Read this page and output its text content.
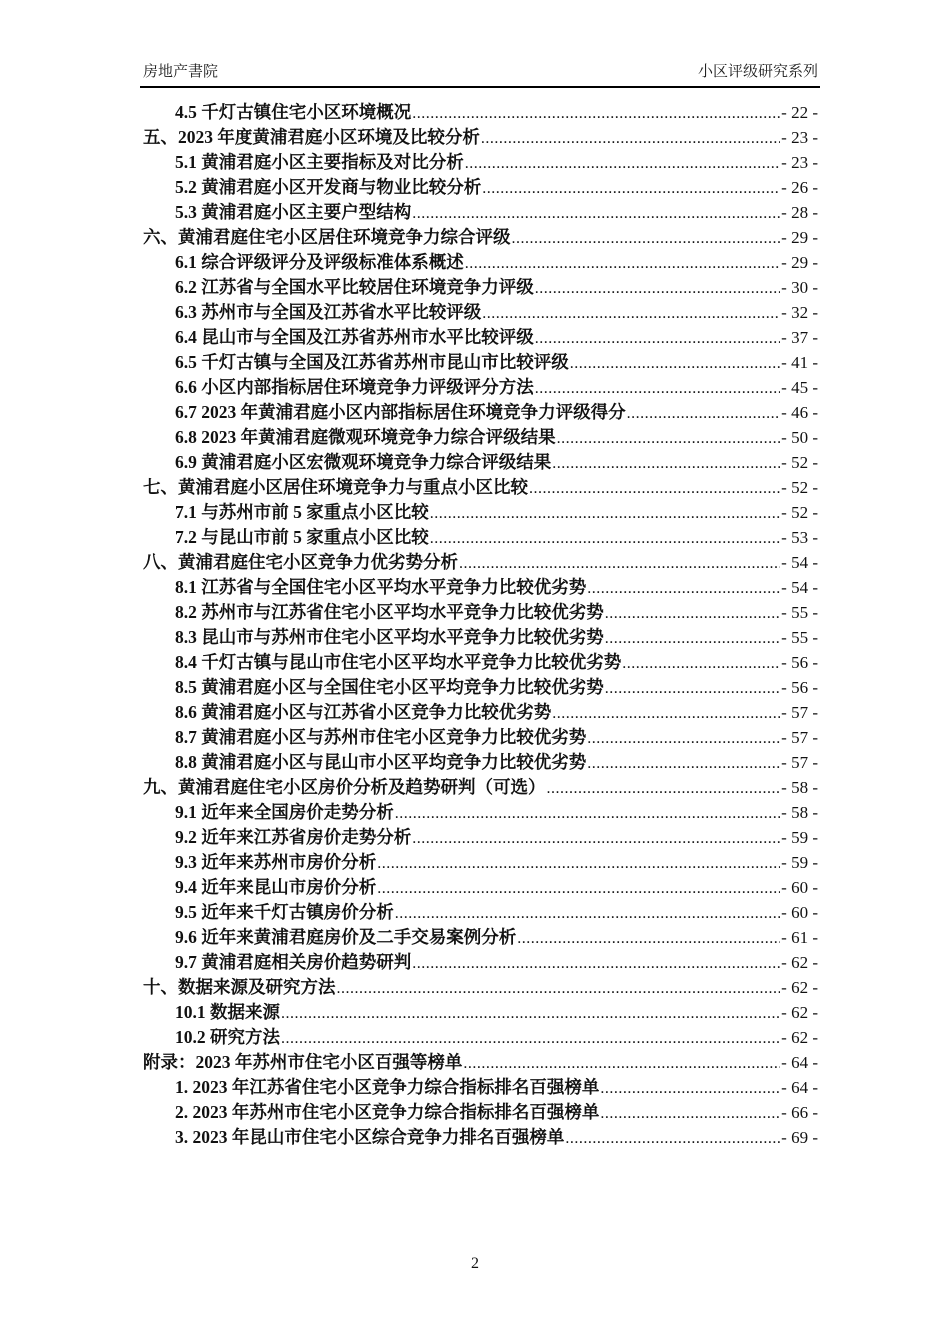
房地产書院	小区评级研究系列
4.5 千灯古镇住宅小区环境概况 .....	- 22 -
五、2023 年度黄浦君庭小区环境及比较分析 .....	- 23 -
5.1 黄浦君庭小区主要指标及对比分析 .....	- 23 -
5.2 黄浦君庭小区开发商与物业比较分析 .....	- 26 -
5.3 黄浦君庭小区主要户型结构 .....	- 28 -
六、黄浦君庭住宅小区居住环境竞争力综合评级 .....	- 29 -
6.1 综合评级评分及评级标准体系概述 .....	- 29 -
6.2 江苏省与全国水平比较居住环境竞争力评级 .....	- 30 -
6.3 苏州市与全国及江苏省水平比较评级 .....	- 32 -
6.4 昆山市与全国及江苏省苏州市水平比较评级 .....	- 37 -
6.5 千灯古镇与全国及江苏省苏州市昆山市比较评级 .....	- 41 -
6.6 小区内部指标居住环境竞争力评级评分方法 .....	- 45 -
6.7 2023 年黄浦君庭小区内部指标居住环境竞争力评级得分 .....	- 46 -
6.8 2023 年黄浦君庭微观环境竞争力综合评级结果 .....	- 50 -
6.9 黄浦君庭小区宏微观环境竞争力综合评级结果 .....	- 52 -
七、黄浦君庭小区居住环境竞争力与重点小区比较 .....	- 52 -
7.1 与苏州市前 5 家重点小区比较 .....	- 52 -
7.2 与昆山市前 5 家重点小区比较 .....	- 53 -
八、黄浦君庭住宅小区竞争力优劣势分析 .....	- 54 -
8.1 江苏省与全国住宅小区平均水平竞争力比较优劣势 .....	- 54 -
8.2 苏州市与江苏省住宅小区平均水平竞争力比较优劣势 .....	- 55 -
8.3 昆山市与苏州市住宅小区平均水平竞争力比较优劣势 .....	- 55 -
8.4 千灯古镇与昆山市住宅小区平均水平竞争力比较优劣势 .....	- 56 -
8.5 黄浦君庭小区与全国住宅小区平均竞争力比较优劣势 .....	- 56 -
8.6 黄浦君庭小区与江苏省小区竞争力比较优劣势 .....	- 57 -
8.7 黄浦君庭小区与苏州市住宅小区竞争力比较优劣势 .....	- 57 -
8.8 黄浦君庭小区与昆山市小区平均竞争力比较优劣势 .....	- 57 -
九、黄浦君庭住宅小区房价分析及趋势研判（可选） .....	- 58 -
9.1 近年来全国房价走势分析 .....	- 58 -
9.2 近年来江苏省房价走势分析 .....	- 59 -
9.3 近年来苏州市房价分析 .....	- 59 -
9.4 近年来昆山市房价分析 .....	- 60 -
9.5 近年来千灯古镇房价分析 .....	- 60 -
9.6 近年来黄浦君庭房价及二手交易案例分析 .....	- 61 -
9.7 黄浦君庭相关房价趋势研判 .....	- 62 -
十、数据来源及研究方法 .....	- 62 -
10.1 数据来源 .....	- 62 -
10.2 研究方法 .....	- 62 -
附录：2023 年苏州市住宅小区百强等榜单 .....	- 64 -
1. 2023 年江苏省住宅小区竞争力综合指标排名百强榜单 .....	- 64 -
2. 2023 年苏州市住宅小区竞争力综合指标排名百强榜单 .....	- 66 -
3. 2023 年昆山市住宅小区综合竞争力排名百强榜单 .....	- 69 -
2
